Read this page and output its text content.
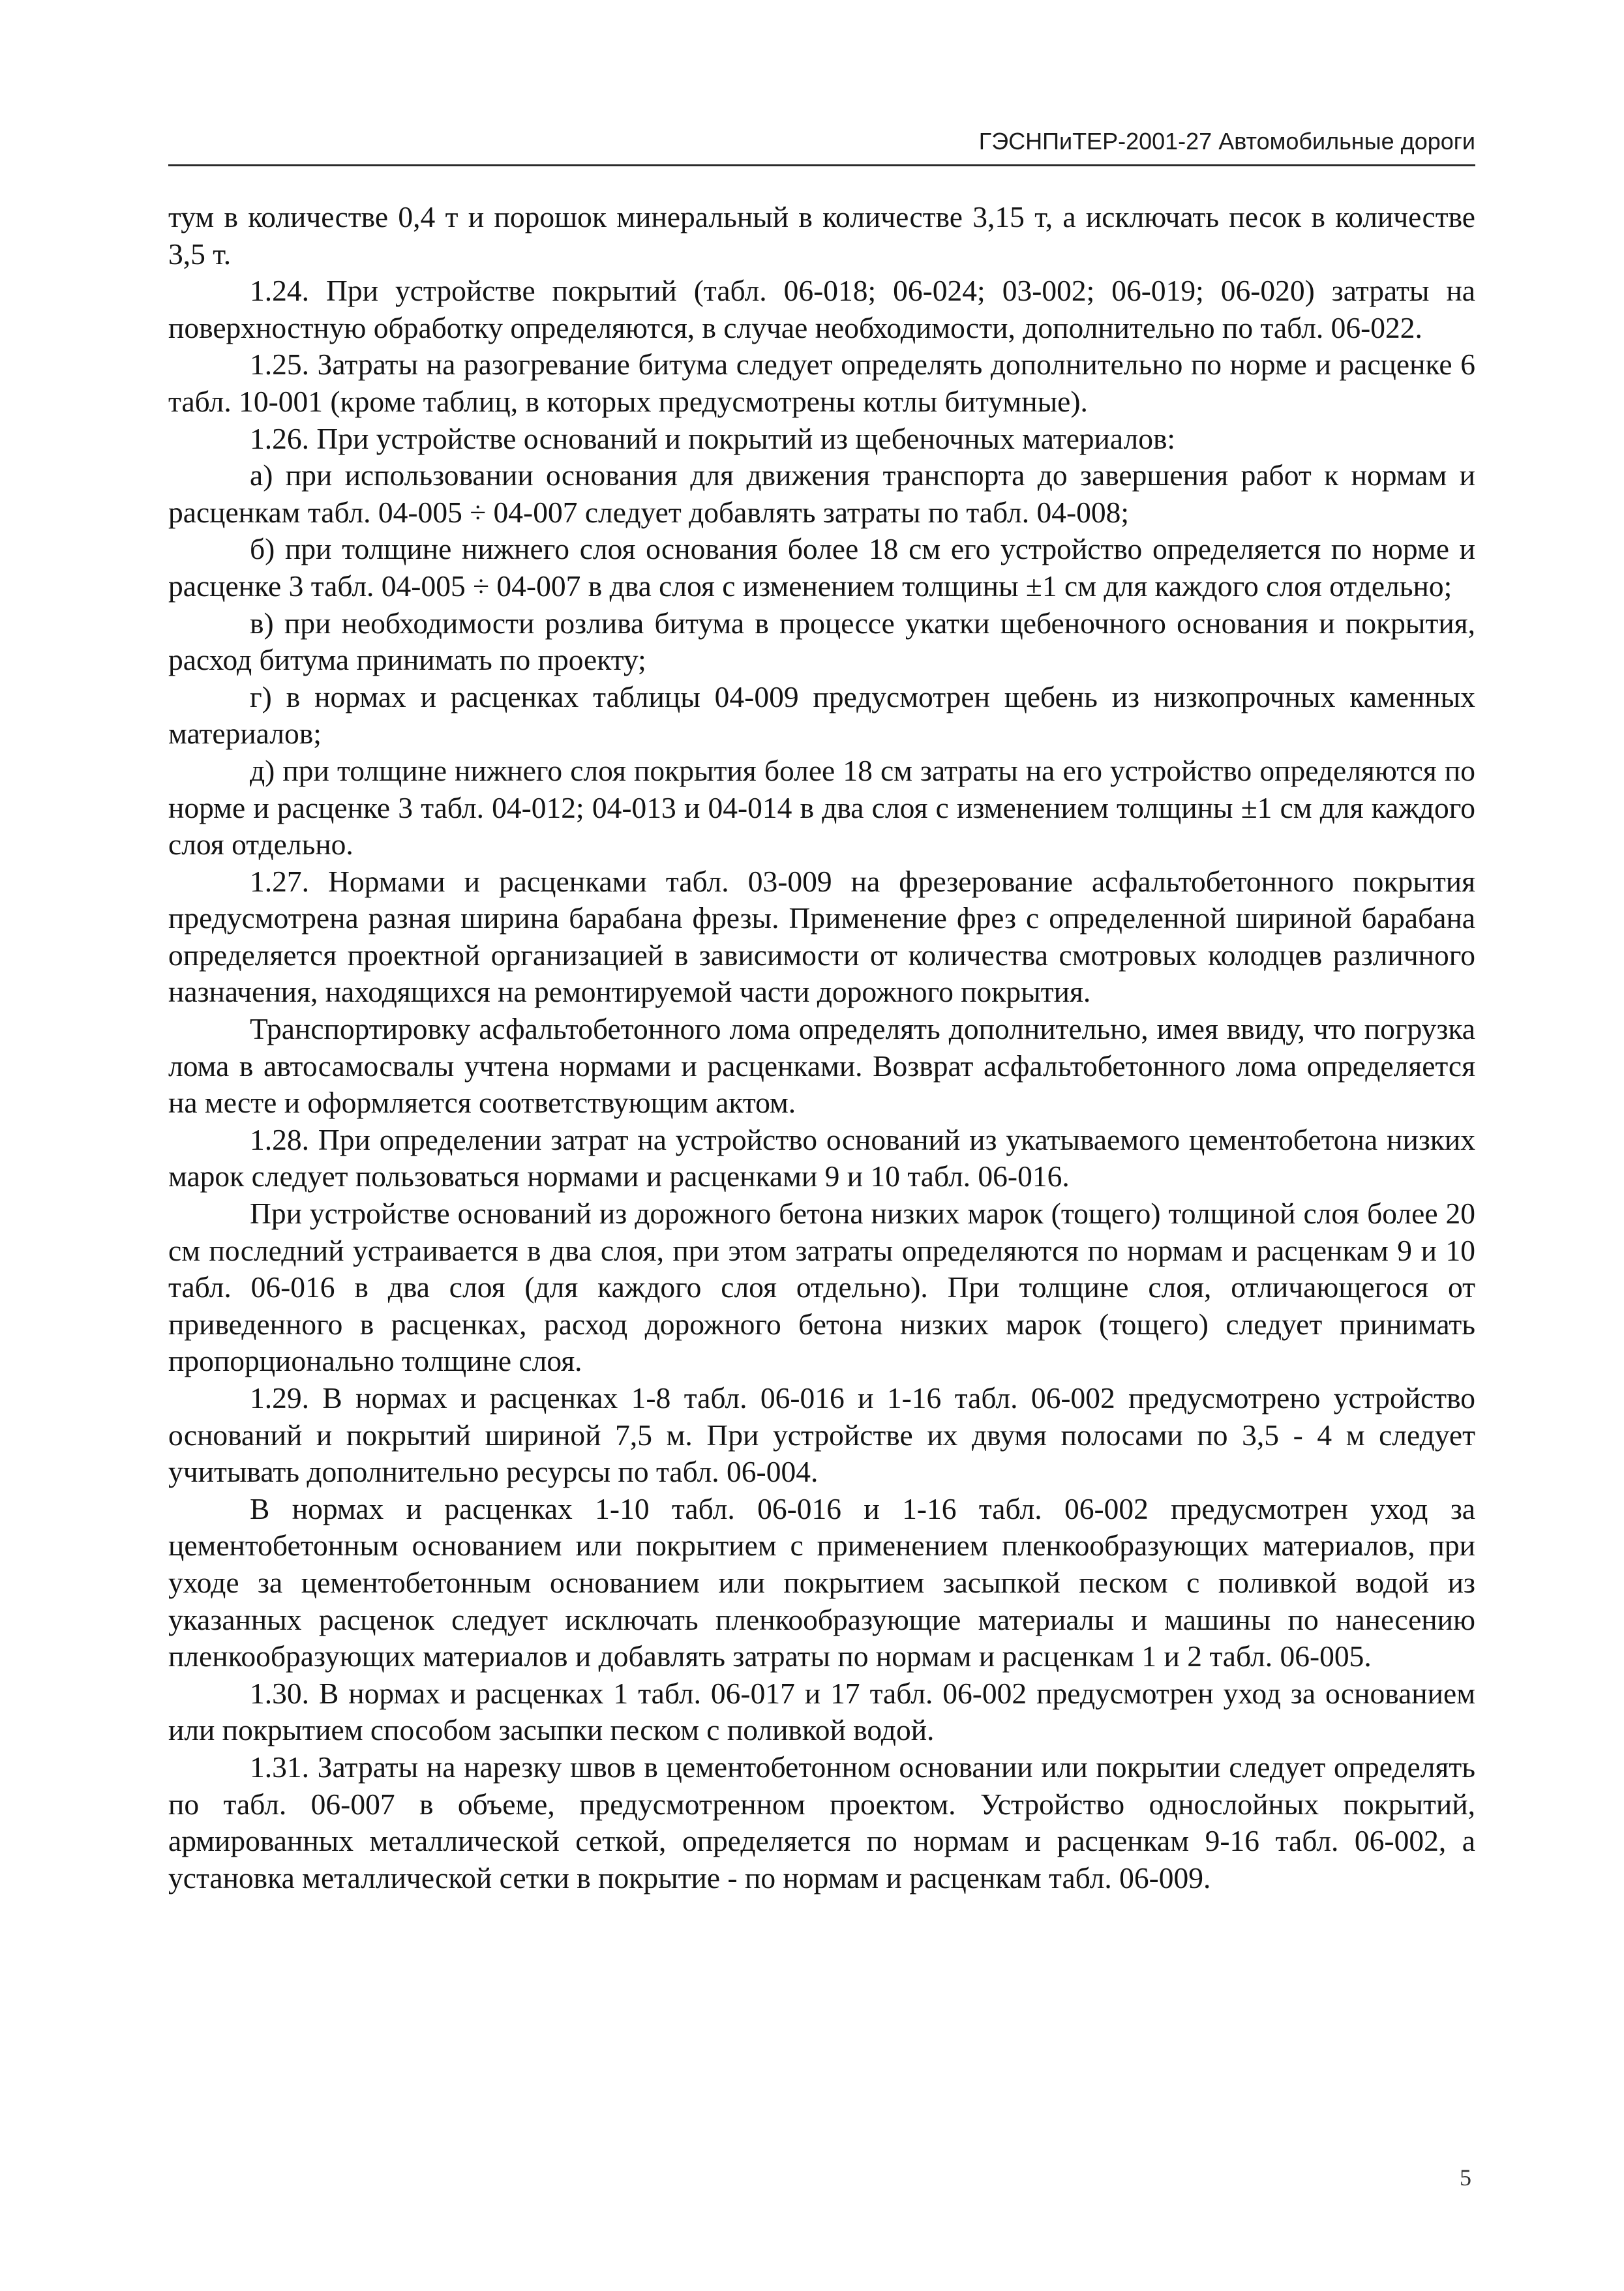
ГЭСНПиТЕР-2001-27 Автомобильные дороги

тум в количестве 0,4 т и порошок минеральный в количестве 3,15 т, а исключать песок в количестве 3,5 т.

1.24. При устройстве покрытий (табл. 06-018; 06-024; 03-002; 06-019; 06-020) затраты на поверхностную обработку определяются, в случае необходимости, дополнительно по табл. 06-022.

1.25. Затраты на разогревание битума следует определять дополнительно по норме и расценке 6 табл. 10-001 (кроме таблиц, в которых предусмотрены котлы битумные).

1.26. При устройстве оснований и покрытий из щебеночных материалов:

а) при использовании основания для движения транспорта до завершения работ к нормам и расценкам табл. 04-005 ÷ 04-007 следует добавлять затраты по табл. 04-008;

б) при толщине нижнего слоя основания более 18 см его устройство определяется по норме и расценке 3 табл. 04-005 ÷ 04-007 в два слоя с изменением толщины ±1 см для каждого слоя отдельно;

в) при необходимости розлива битума в процессе укатки щебеночного основания и покрытия, расход битума принимать по проекту;

г) в нормах и расценках таблицы 04-009 предусмотрен щебень из низкопрочных каменных материалов;

д) при толщине нижнего слоя покрытия более 18 см затраты на его устройство определяются по норме и расценке 3 табл. 04-012; 04-013 и 04-014 в два слоя с изменением толщины ±1 см для каждого слоя отдельно.

1.27. Нормами и расценками табл. 03-009 на фрезерование асфальтобетонного покрытия предусмотрена разная ширина барабана фрезы. Применение фрез с определенной шириной барабана определяется проектной организацией в зависимости от количества смотровых колодцев различного назначения, находящихся на ремонтируемой части дорожного покрытия.

Транспортировку асфальтобетонного лома определять дополнительно, имея ввиду, что погрузка лома в автосамосвалы учтена нормами и расценками. Возврат асфальтобетонного лома определяется на месте и оформляется соответствующим актом.

1.28. При определении затрат на устройство оснований из укатываемого цементобетона низких марок следует пользоваться нормами и расценками 9 и 10 табл. 06-016.

При устройстве оснований из дорожного бетона низких марок (тощего) толщиной слоя более 20 см последний устраивается в два слоя, при этом затраты определяются по нормам и расценкам 9 и 10 табл. 06-016 в два слоя (для каждого слоя отдельно). При толщине слоя, отличающегося от приведенного в расценках, расход дорожного бетона низких марок (тощего) следует принимать пропорционально толщине слоя.

1.29. В нормах и расценках 1-8 табл. 06-016 и 1-16 табл. 06-002 предусмотрено устройство оснований и покрытий шириной 7,5 м. При устройстве их двумя полосами по 3,5 - 4 м следует учитывать дополнительно ресурсы по табл. 06-004.

В нормах и расценках 1-10 табл. 06-016 и 1-16 табл. 06-002 предусмотрен уход за цементобетонным основанием или покрытием с применением пленкообразующих материалов, при уходе за цементобетонным основанием или покрытием засыпкой песком с поливкой водой из указанных расценок следует исключать пленкообразующие материалы и машины по нанесению пленкообразующих материалов и добавлять затраты по нормам и расценкам 1 и 2 табл. 06-005.

1.30. В нормах и расценках 1 табл. 06-017 и 17 табл. 06-002 предусмотрен уход за основанием или покрытием способом засыпки песком с поливкой водой.

1.31. Затраты на нарезку швов в цементобетонном основании или покрытии следует определять по табл. 06-007 в объеме, предусмотренном проектом. Устройство однослойных покрытий, армированных металлической сеткой, определяется по нормам и расценкам 9-16 табл. 06-002, а установка металлической сетки в покрытие - по нормам и расценкам табл. 06-009.

5
